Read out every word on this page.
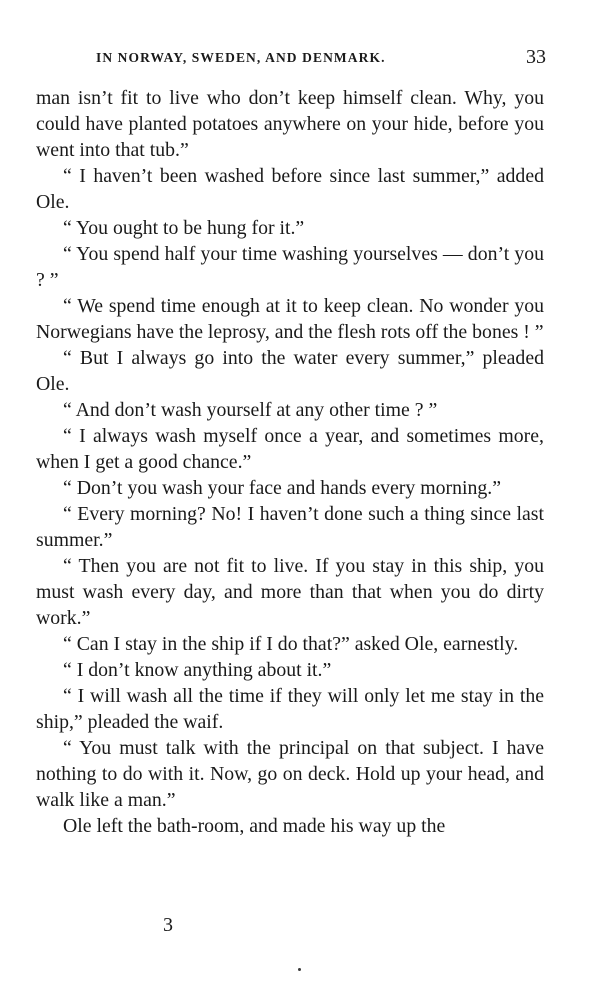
IN NORWAY, SWEDEN, AND DENMARK.	33

man isn’t fit to live who don’t keep himself clean. Why, you could have planted potatoes anywhere on your hide, before you went into that tub.”

“ I haven’t been washed before since last summer,” added Ole.

“ You ought to be hung for it.”

“ You spend half your time washing yourselves — don’t you ? ”

“ We spend time enough at it to keep clean. No wonder you Norwegians have the leprosy, and the flesh rots off the bones ! ”

“ But I always go into the water every summer,” pleaded Ole.

“ And don’t wash yourself at any other time ? ”

“ I always wash myself once a year, and sometimes more, when I get a good chance.”

“ Don’t you wash your face and hands every morning.”

“ Every morning? No! I haven’t done such a thing since last summer.”

“ Then you are not fit to live. If you stay in this ship, you must wash every day, and more than that when you do dirty work.”

“ Can I stay in the ship if I do that?” asked Ole, earnestly.

“ I don’t know anything about it.”

“ I will wash all the time if they will only let me stay in the ship,” pleaded the waif.

“ You must talk with the principal on that subject. I have nothing to do with it. Now, go on deck. Hold up your head, and walk like a man.”

Ole left the bath-room, and made his way up the

3
